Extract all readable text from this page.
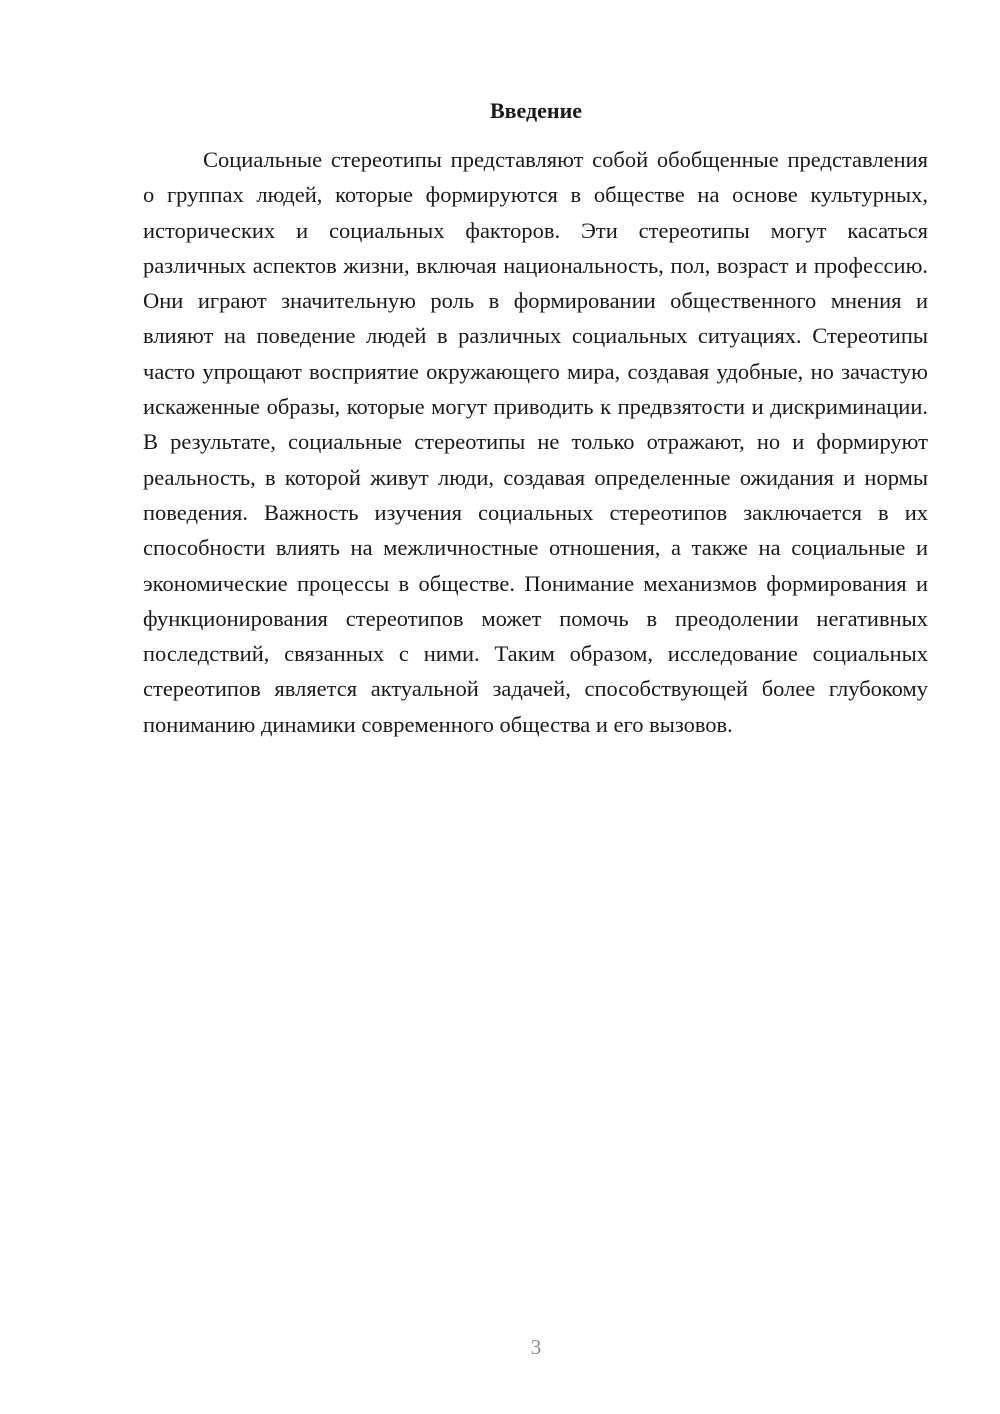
Введение

Социальные стереотипы представляют собой обобщенные представления о группах людей, которые формируются в обществе на основе культурных, исторических и социальных факторов. Эти стереотипы могут касаться различных аспектов жизни, включая национальность, пол, возраст и профессию. Они играют значительную роль в формировании общественного мнения и влияют на поведение людей в различных социальных ситуациях. Стереотипы часто упрощают восприятие окружающего мира, создавая удобные, но зачастую искаженные образы, которые могут приводить к предвзятости и дискриминации. В результате, социальные стереотипы не только отражают, но и формируют реальность, в которой живут люди, создавая определенные ожидания и нормы поведения. Важность изучения социальных стереотипов заключается в их способности влиять на межличностные отношения, а также на социальные и экономические процессы в обществе. Понимание механизмов формирования и функционирования стереотипов может помочь в преодолении негативных последствий, связанных с ними. Таким образом, исследование социальных стереотипов является актуальной задачей, способствующей более глубокому пониманию динамики современного общества и его вызовов.

3
